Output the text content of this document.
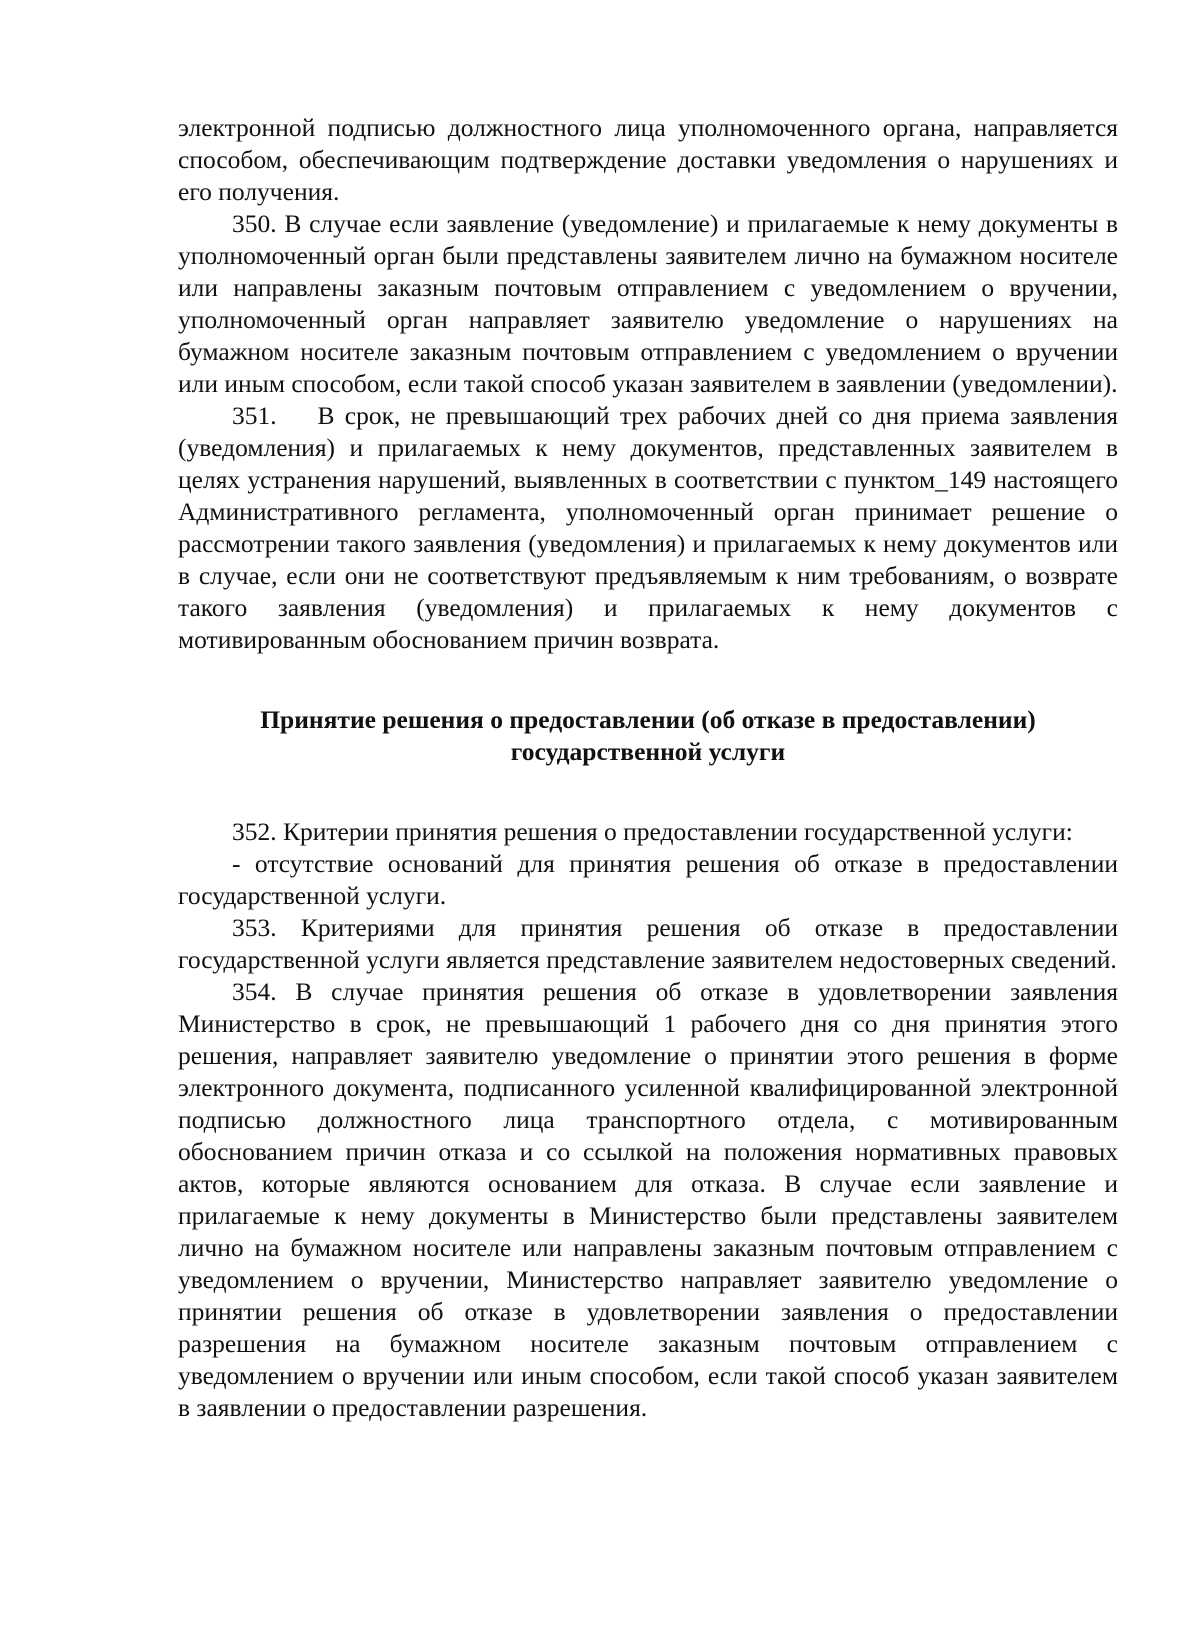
электронной подписью должностного лица уполномоченного органа, направляется способом, обеспечивающим подтверждение доставки уведомления о нарушениях и его получения.

350. В случае если заявление (уведомление) и прилагаемые к нему документы в уполномоченный орган были представлены заявителем лично на бумажном носителе или направлены заказным почтовым отправлением с уведомлением о вручении, уполномоченный орган направляет заявителю уведомление о нарушениях на бумажном носителе заказным почтовым отправлением с уведомлением о вручении или иным способом, если такой способ указан заявителем в заявлении (уведомлении).

351.    В срок, не превышающий трех рабочих дней со дня приема заявления (уведомления) и прилагаемых к нему документов, представленных заявителем в целях устранения нарушений, выявленных в соответствии с пунктом_149 настоящего Административного регламента, уполномоченный орган принимает решение о рассмотрении такого заявления (уведомления) и прилагаемых к нему документов или в случае, если они не соответствуют предъявляемым к ним требованиям, о возврате такого заявления (уведомления) и прилагаемых к нему документов с мотивированным обоснованием причин возврата.

Принятие решения о предоставлении (об отказе в предоставлении)
государственной услуги

352. Критерии принятия решения о предоставлении государственной услуги:

- отсутствие оснований для принятия решения об отказе в предоставлении государственной услуги.

353. Критериями для принятия решения об отказе в предоставлении государственной услуги является представление заявителем недостоверных сведений.

354. В случае принятия решения об отказе в удовлетворении заявления Министерство в срок, не превышающий 1 рабочего дня со дня принятия этого решения, направляет заявителю уведомление о принятии этого решения в форме электронного документа, подписанного усиленной квалифицированной электронной подписью должностного лица транспортного отдела, с мотивированным обоснованием причин отказа и со ссылкой на положения нормативных правовых актов, которые являются основанием для отказа. В случае если заявление и прилагаемые к нему документы в Министерство были представлены заявителем лично на бумажном носителе или направлены заказным почтовым отправлением с уведомлением о вручении, Министерство направляет заявителю уведомление о принятии решения об отказе в удовлетворении заявления о предоставлении разрешения на бумажном носителе заказным почтовым отправлением с уведомлением о вручении или иным способом, если такой способ указан заявителем в заявлении о предоставлении разрешения.
